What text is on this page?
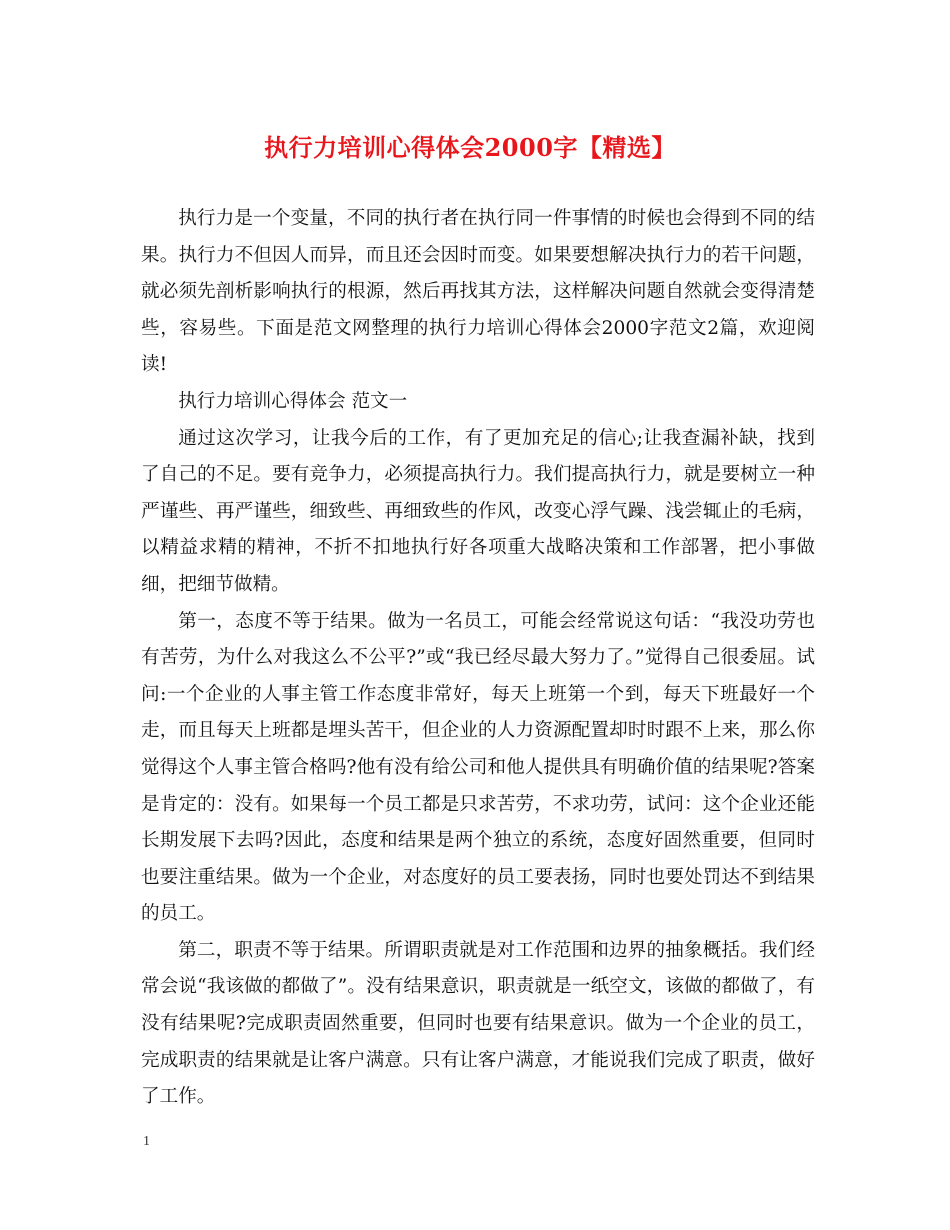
执行力培训心得体会2000字【精选】

执行力是一个变量，不同的执行者在执行同一件事情的时候也会得到不同的结果。执行力不但因人而异，而且还会因时而变。如果要想解决执行力的若干问题，就必须先剖析影响执行的根源，然后再找其方法，这样解决问题自然就会变得清楚些，容易些。下面是范文网整理的执行力培训心得体会2000字范文2篇，欢迎阅读!

执行力培训心得体会 范文一

通过这次学习，让我今后的工作，有了更加充足的信心;让我查漏补缺，找到了自己的不足。要有竞争力，必须提高执行力。我们提高执行力，就是要树立一种严谨些、再严谨些，细致些、再细致些的作风，改变心浮气躁、浅尝辄止的毛病，以精益求精的精神，不折不扣地执行好各项重大战略决策和工作部署，把小事做细，把细节做精。

第一，态度不等于结果。做为一名员工，可能会经常说这句话：“我没功劳也有苦劳，为什么对我这么不公平?”或“我已经尽最大努力了。”觉得自己很委屈。试问:一个企业的人事主管工作态度非常好，每天上班第一个到，每天下班最好一个走，而且每天上班都是埋头苦干，但企业的人力资源配置却时时跟不上来，那么你觉得这个人事主管合格吗?他有没有给公司和他人提供具有明确价值的结果呢?答案是肯定的：没有。如果每一个员工都是只求苦劳，不求功劳，试问：这个企业还能长期发展下去吗?因此，态度和结果是两个独立的系统，态度好固然重要，但同时也要注重结果。做为一个企业，对态度好的员工要表扬，同时也要处罚达不到结果的员工。

第二，职责不等于结果。所谓职责就是对工作范围和边界的抽象概括。我们经常会说“我该做的都做了”。没有结果意识，职责就是一纸空文，该做的都做了，有没有结果呢?完成职责固然重要，但同时也要有结果意识。做为一个企业的员工，完成职责的结果就是让客户满意。只有让客户满意，才能说我们完成了职责，做好了工作。

1
